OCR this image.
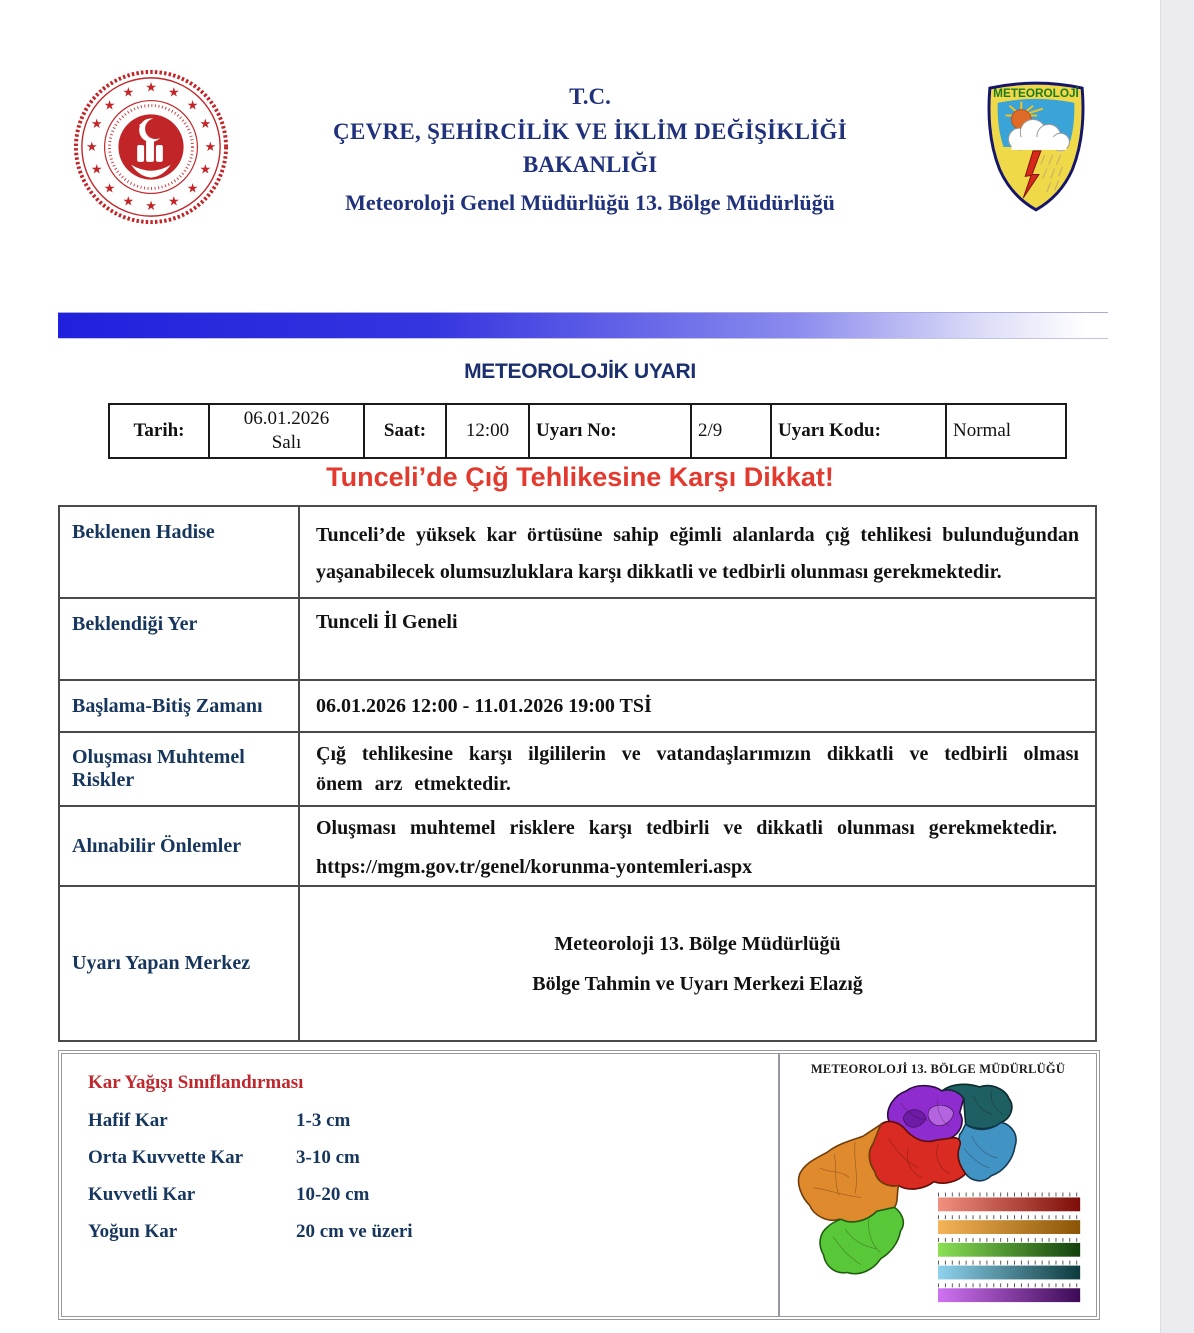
★ ★
★
★
★
★
★
★
★
★
★
★
★
★
★
★	T.C.
ÇEVRE, ŞEHİRCİLİK VE İKLİM DEĞİŞİKLİĞİ
BAKANLIĞI
Meteoroloji Genel Müdürlüğü 13. Bölge Müdürlüğü
METEOROLOJİ
METEOROLOJİK UYARI
Tarih:	
06.01.2026
Salı
	Saat:	12:00	Uyarı No:	2/9	Uyarı Kodu:	Normal
Tunceli’de Çığ Tehlikesine Karşı Dikkat!
Beklenen Hadise	Tunceli’de yüksek kar örtüsüne sahip eğimli alanlarda çığ tehlikesi bulunduğundan yaşanabilecek olumsuzluklara karşı dikkatli ve tedbirli olunması gerekmektedir.
Beklendiği Yer	Tunceli İl Geneli
Başlama-Bitiş Zamanı	06.01.2026 12:00 - 11.01.2026 19:00 TSİ
Oluşması Muhtemel Riskler	Çığ tehlikesine karşı ilgililerin ve vatandaşlarımızın dikkatli ve tedbirli olması önem arz etmektedir.
Alınabilir Önlemler	Oluşması muhtemel risklere karşı tedbirli ve dikkatli olunması gerekmektedir.
https://mgm.gov.tr/genel/korunma-yontemleri.aspx

Uyarı Yapan Merkez	Meteoroloji 13. Bölge Müdürlüğü
Bölge Tahmin ve Uyarı Merkezi Elazığ
Kar Yağışı Sınıflandırması
Hafif Kar	1-3 cm
Orta Kuvvette Kar	3-10 cm
Kuvvetli Kar	10-20 cm
Yoğun Kar	20 cm ve üzeri
METEOROLOJİ 13. BÖLGE MÜDÜRLÜĞÜ
